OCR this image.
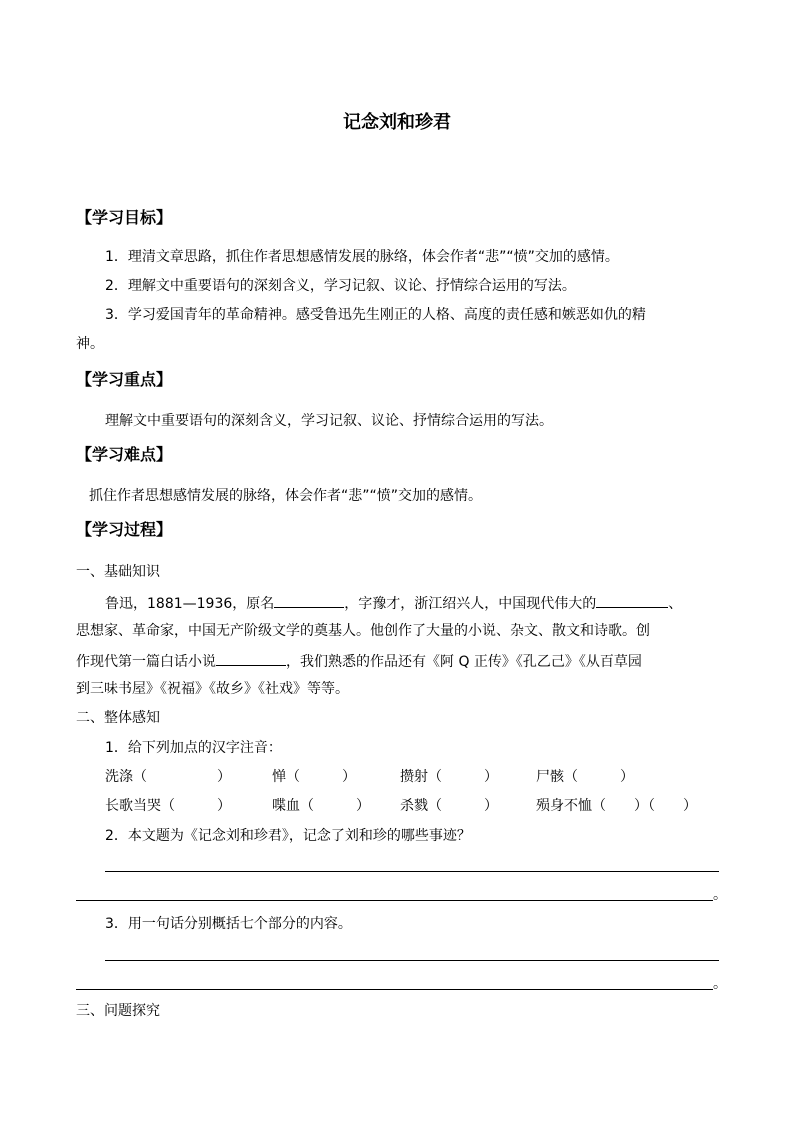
记念刘和珍君
【学习目标】
1．理清文章思路，抓住作者思想感情发展的脉络，体会作者“悲”“愤”交加的感情。
2．理解文中重要语句的深刻含义，学习记叙、议论、抒情综合运用的写法。
3．学习爱国青年的革命精神。感受鲁迅先生刚正的人格、高度的责任感和嫉恶如仇的精
神。
【学习重点】
理解文中重要语句的深刻含义，学习记叙、议论、抒情综合运用的写法。
【学习难点】
抓住作者思想感情发展的脉络，体会作者“悲”“愤”交加的感情。
【学习过程】
一、基础知识
鲁迅，1881—1936，原名	，字豫才，浙江绍兴人，中国现代伟大的	、
思想家、革命家，中国无产阶级文学的奠基人。他创作了大量的小说、杂文、散文和诗歌。创
作现代第一篇白话小说	，我们熟悉的作品还有《阿 Q 正传》《孔乙己》《从百草园
到三味书屋》《祝福》《故乡》《社戏》等等。
二、整体感知
1．给下列加点的汉字注音：
洗涤（　　　　　）	惮（　　　）	攒射（　　　）	尸骸（　　　）
长歌当哭（　　　）	喋血（　　　） 杀戮（　　　）	殒身不恤（　　）（　　）
2．本文题为《记念刘和珍君》，记念了刘和珍的哪些事迹？
。
3．用一句话分别概括七个部分的内容。
。
三、问题探究
